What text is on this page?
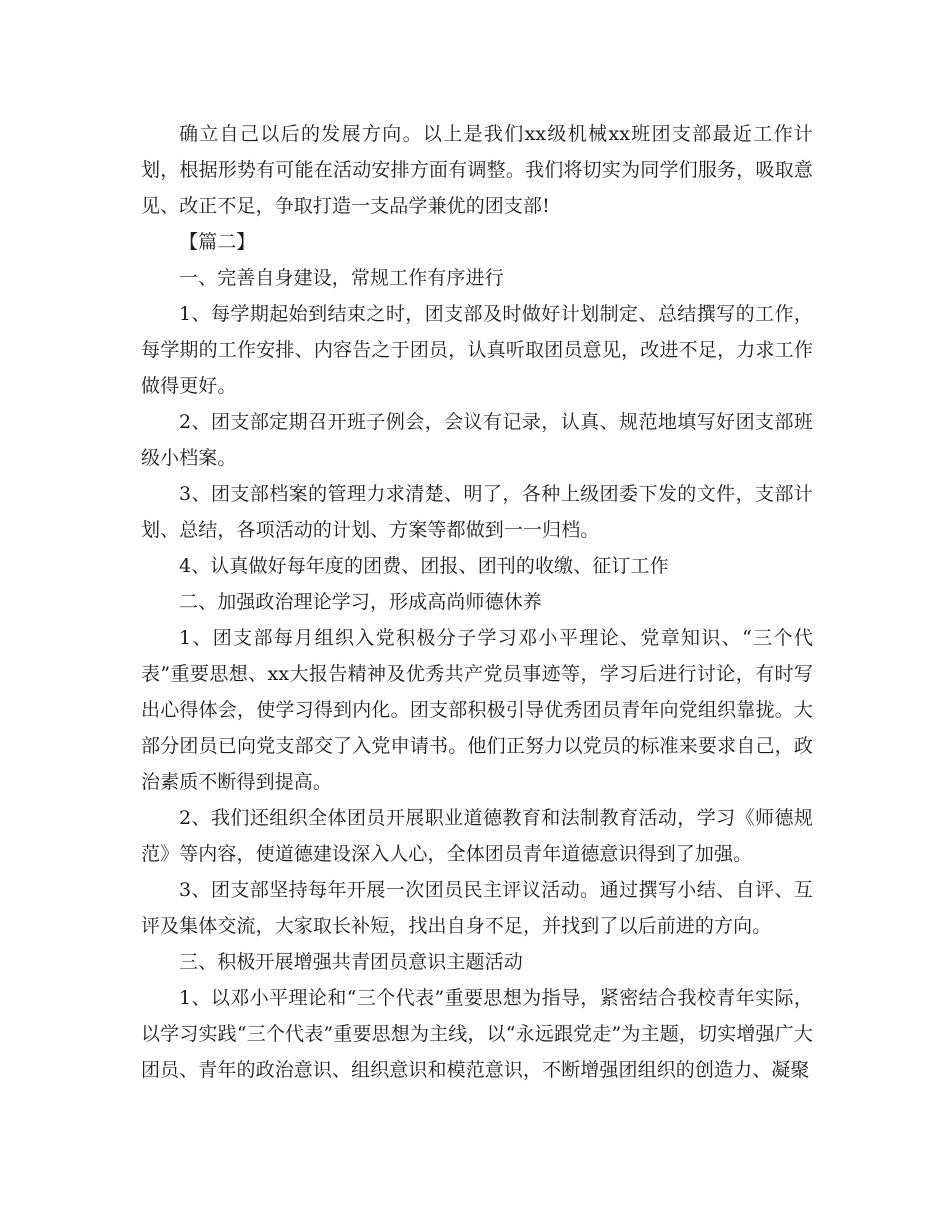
确立自己以后的发展方向。以上是我们xx级机械xx班团支部最近工作计划，根据形势有可能在活动安排方面有调整。我们将切实为同学们服务，吸取意见、改正不足，争取打造一支品学兼优的团支部!

【篇二】

一、完善自身建设，常规工作有序进行

1、每学期起始到结束之时，团支部及时做好计划制定、总结撰写的工作，每学期的工作安排、内容告之于团员，认真听取团员意见，改进不足，力求工作做得更好。

2、团支部定期召开班子例会，会议有记录，认真、规范地填写好团支部班级小档案。

3、团支部档案的管理力求清楚、明了，各种上级团委下发的文件，支部计划、总结，各项活动的计划、方案等都做到一一归档。

4、认真做好每年度的团费、团报、团刊的收缴、征订工作

二、加强政治理论学习，形成高尚师德休养

1、团支部每月组织入党积极分子学习邓小平理论、党章知识、“三个代表”重要思想、xx大报告精神及优秀共产党员事迹等，学习后进行讨论，有时写出心得体会，使学习得到内化。团支部积极引导优秀团员青年向党组织靠拢。大部分团员已向党支部交了入党申请书。他们正努力以党员的标准来要求自己，政治素质不断得到提高。

2、我们还组织全体团员开展职业道德教育和法制教育活动，学习《师德规范》等内容，使道德建设深入人心，全体团员青年道德意识得到了加强。

3、团支部坚持每年开展一次团员民主评议活动。通过撰写小结、自评、互评及集体交流，大家取长补短，找出自身不足，并找到了以后前进的方向。

三、积极开展增强共青团员意识主题活动

1、以邓小平理论和“三个代表”重要思想为指导，紧密结合我校青年实际，以学习实践“三个代表”重要思想为主线，以“永远跟党走”为主题，切实增强广大团员、青年的政治意识、组织意识和模范意识，不断增强团组织的创造力、凝聚
